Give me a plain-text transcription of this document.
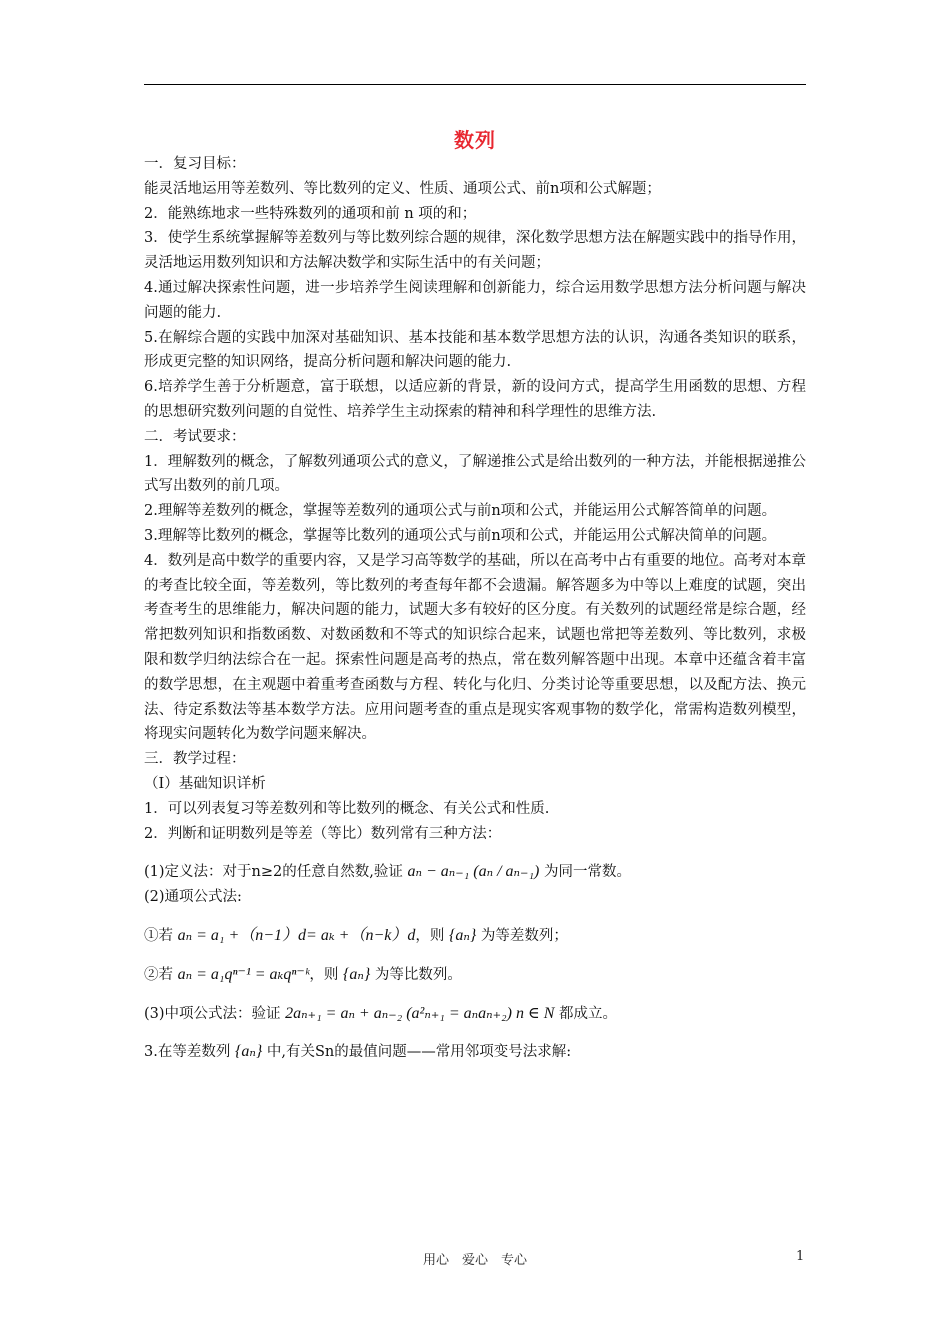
数列

一．复习目标：

能灵活地运用等差数列、等比数列的定义、性质、通项公式、前n项和公式解题；

2．能熟练地求一些特殊数列的通项和前 n 项的和；

3．使学生系统掌握解等差数列与等比数列综合题的规律，深化数学思想方法在解题实践中的指导作用，灵活地运用数列知识和方法解决数学和实际生活中的有关问题；

4.通过解决探索性问题，进一步培养学生阅读理解和创新能力，综合运用数学思想方法分析问题与解决问题的能力.

5.在解综合题的实践中加深对基础知识、基本技能和基本数学思想方法的认识，沟通各类知识的联系，形成更完整的知识网络，提高分析问题和解决问题的能力.

6.培养学生善于分析题意，富于联想，以适应新的背景，新的设问方式，提高学生用函数的思想、方程的思想研究数列问题的自觉性、培养学生主动探索的精神和科学理性的思维方法.

二．考试要求：

1．理解数列的概念，了解数列通项公式的意义，了解递推公式是给出数列的一种方法，并能根据递推公式写出数列的前几项。

2.理解等差数列的概念，掌握等差数列的通项公式与前n项和公式，并能运用公式解答简单的问题。

3.理解等比数列的概念，掌握等比数列的通项公式与前n项和公式，并能运用公式解决简单的问题。

4．数列是高中数学的重要内容，又是学习高等数学的基础，所以在高考中占有重要的地位。高考对本章的考查比较全面，等差数列，等比数列的考查每年都不会遗漏。解答题多为中等以上难度的试题，突出考查考生的思维能力，解决问题的能力，试题大多有较好的区分度。有关数列的试题经常是综合题，经常把数列知识和指数函数、对数函数和不等式的知识综合起来，试题也常把等差数列、等比数列，求极限和数学归纳法综合在一起。探索性问题是高考的热点，常在数列解答题中出现。本章中还蕴含着丰富的数学思想，在主观题中着重考查函数与方程、转化与化归、分类讨论等重要思想，以及配方法、换元法、待定系数法等基本数学方法。应用问题考查的重点是现实客观事物的数学化，常需构造数列模型，将现实问题转化为数学问题来解决。

三．教学过程：

（Ⅰ）基础知识详析

1．可以列表复习等差数列和等比数列的概念、有关公式和性质.

2．判断和证明数列是等差（等比）数列常有三种方法：

(1)定义法：对于n≥2的任意自然数,验证 aₙ − aₙ₋₁ (aₙ / aₙ₋₁) 为同一常数。

(2)通项公式法:

①若 aₙ = a₁ +（n−1）d= aₖ +（n−k）d，则 {aₙ} 为等差数列；

②若 aₙ = a₁qⁿ⁻¹ = aₖqⁿ⁻ᵏ，则 {aₙ} 为等比数列。

(3)中项公式法：验证 2aₙ₊₁ = aₙ + aₙ₋₂ (a²ₙ₊₁ = aₙaₙ₊₂) n ∈ N 都成立。

3.在等差数列 {aₙ} 中,有关Sn的最值问题——常用邻项变号法求解:

用心　爱心　专心	1
